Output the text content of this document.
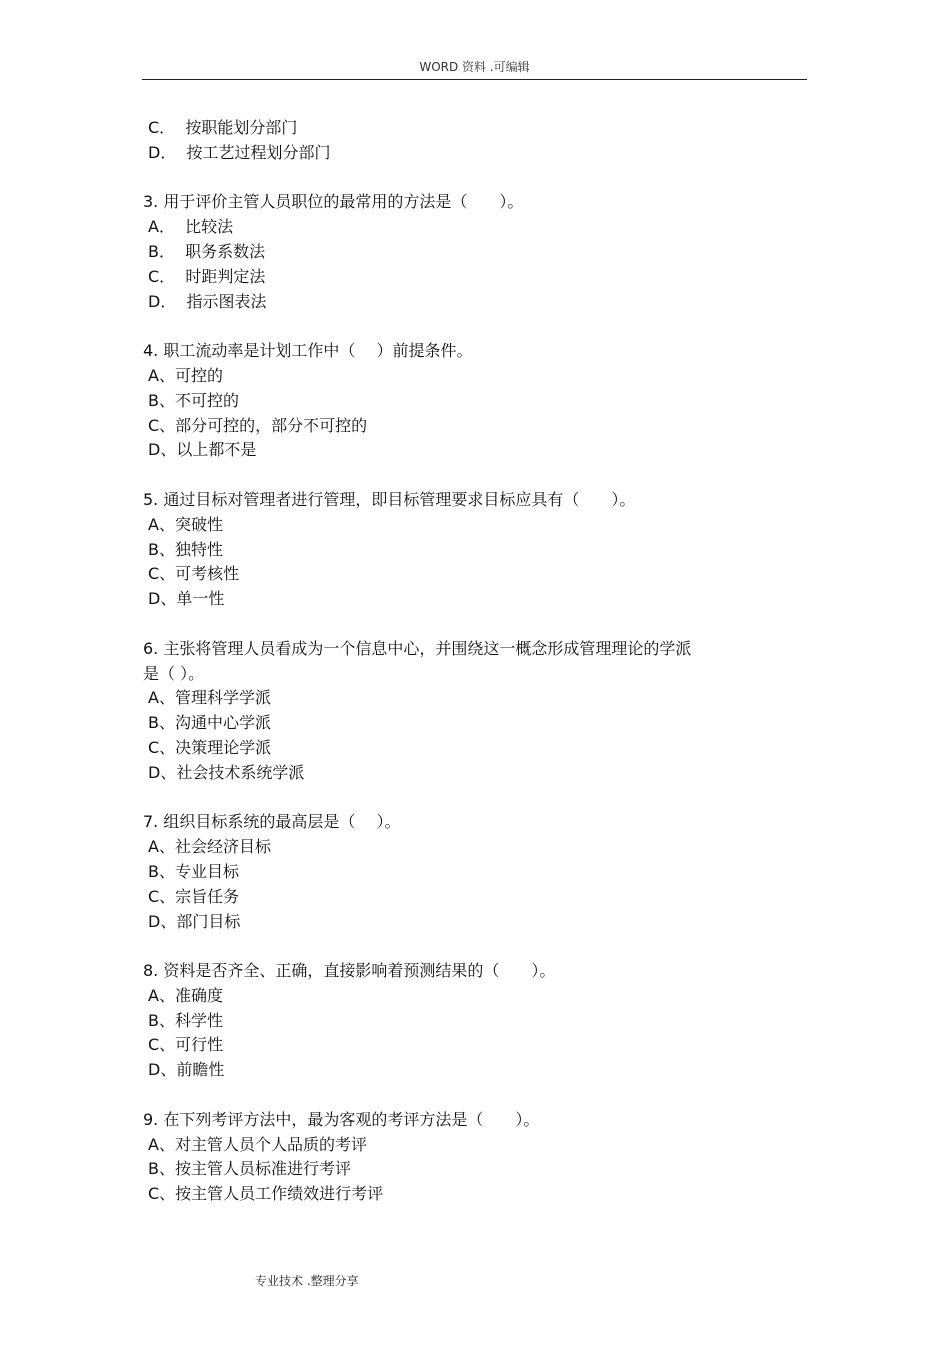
WORD 资料 .可编辑
C．  按职能划分部门
D．  按工艺过程划分部门
3. 用于评价主管人员职位的最常用的方法是（　　）。
A．  比较法
B．  职务系数法
C．  时距判定法
D．  指示图表法
4. 职工流动率是计划工作中（　 ）前提条件。
A、可控的
B、不可控的
C、部分可控的，部分不可控的
D、以上都不是
5. 通过目标对管理者进行管理，即目标管理要求目标应具有（　　）。
A、突破性
B、独特性
C、可考核性
D、单一性
6. 主张将管理人员看成为一个信息中心，并围绕这一概念形成管理理论的学派
是（ ）。
A、管理科学学派
B、沟通中心学派
C、决策理论学派
D、社会技术系统学派
7. 组织目标系统的最高层是（　 ）。
A、社会经济目标
B、专业目标
C、宗旨任务
D、部门目标
8. 资料是否齐全、正确，直接影响着预测结果的（　　）。
A、准确度
B、科学性
C、可行性
D、前瞻性
9. 在下列考评方法中，最为客观的考评方法是（　　）。
A、对主管人员个人品质的考评
B、按主管人员标准进行考评
C、按主管人员工作绩效进行考评
专业技术 .整理分享
